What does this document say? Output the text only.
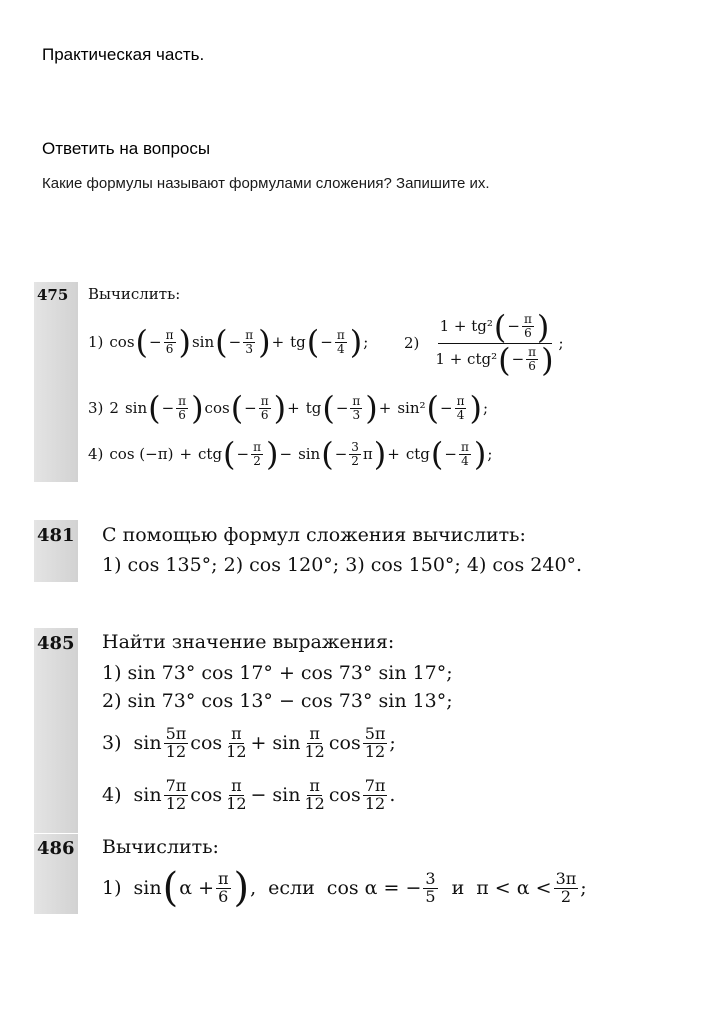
Практическая часть.
Ответить на вопросы
Какие формулы называют формулами сложения? Запишите их.
475	Вычислить:
1) cos ( − $\frac{\pi}{6}$ ) sin ( − $\frac{\pi}{3}$ ) + tg ( − $\frac{\pi}{4}$ ) ; $2) \frac{1 + tg^2 ( - \frac{\pi}{6} )}{1 + ctg^2 ( - \frac{\pi}{6} )}$ ;
3) 2 sin ( − $\frac{\pi}{6}$ ) cos ( − $\frac{\pi}{6}$ ) + tg ( − $\frac{\pi}{3}$ ) + sin² ( − $\frac{\pi}{4}$ ) ;
4) cos (−π) + ctg ( − $\frac{\pi}{2}$ ) − sin ( − $\frac{3}{2}$ π ) + ctg ( − $\frac{\pi}{4}$ ) ;
481 С помощью формул сложения вычислить:
1) cos 135°; 2) cos 120°; 3) cos 150°; 4) cos 240°.
485 Найти значение выражения:
1) sin 73° cos 17° + cos 73° sin 17°;
2) sin 73° cos 13° − cos 73° sin 13°;
3) $\sin \frac{5\pi}{12}$ $\cos \frac{\pi}{12} + \sin \frac{\pi}{12}$ $\cos \frac{5\pi}{12}$ ;
4) $\sin \frac{7\pi}{12}$ $\cos \frac{\pi}{12} - \sin \frac{\pi}{12}$ $\cos \frac{7\pi}{12}$ .
486 Вычислить:
1) sin ( $\alpha + \frac{\pi}{6}$ ) , если cos α = − $\frac{3}{5}$ и $\pi < \alpha < \frac{3\pi}{2}$ ;
